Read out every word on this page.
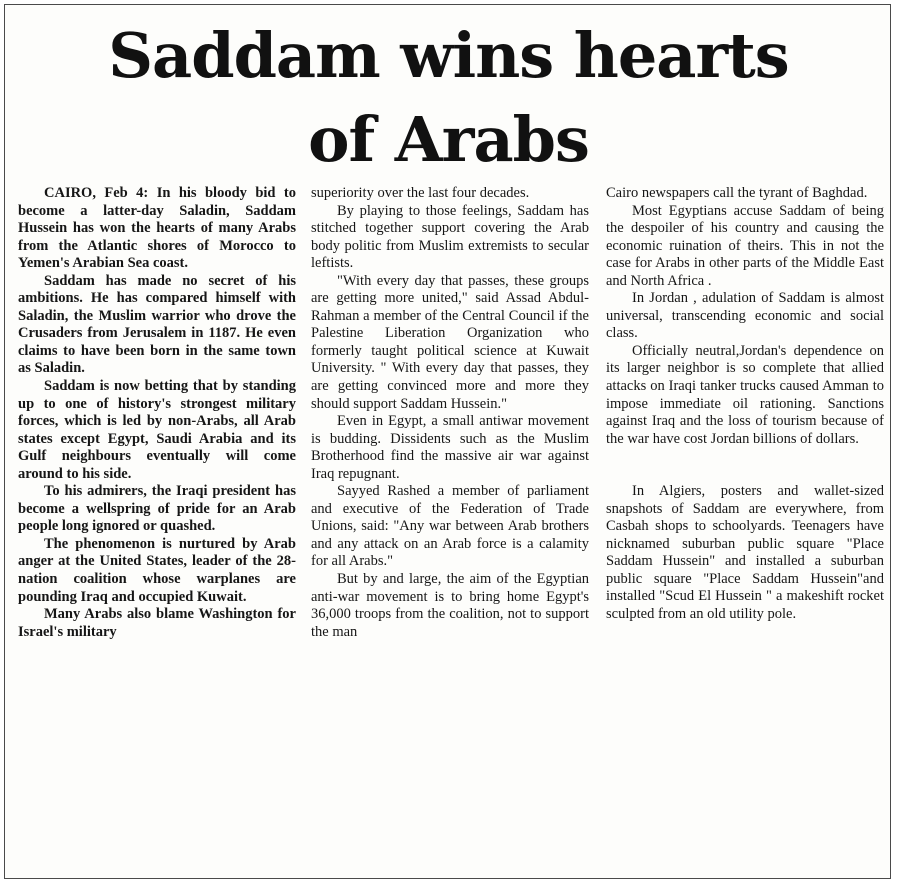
Saddam wins hearts
of Arabs

CAIRO, Feb 4: In his bloody bid to become a latter-day Saladin, Saddam Hussein has won the hearts of many Arabs from the Atlantic shores of Morocco to Yemen's Arabian Sea coast.

Saddam has made no secret of his ambitions. He has compared himself with Saladin, the Muslim warrior who drove the Crusaders from Jerusalem in 1187. He even claims to have been born in the same town as Saladin.

Saddam is now betting that by standing up to one of history's strongest military forces, which is led by non-Arabs, all Arab states except Egypt, Saudi Arabia and its Gulf neighbours eventually will come around to his side.

To his admirers, the Iraqi president has become a wellspring of pride for an Arab people long ignored or quashed.

The phenomenon is nurtured by Arab anger at the United States, leader of the 28-nation coalition whose warplanes are pounding Iraq and occupied Kuwait.

Many Arabs also blame Washington for Israel's military

superiority over the last four decades.

By playing to those feelings, Saddam has stitched together support covering the Arab body politic from Muslim extremists to secular leftists.

"With every day that passes, these groups are getting more united," said Assad Abdul-Rahman a member of the Central Council if the Palestine Liberation Organization who formerly taught political science at Kuwait University. " With every day that passes, they are getting convinced more and more they should support Saddam Hussein."

Even in Egypt, a small antiwar movement is budding. Dissidents such as the Muslim Brotherhood find the massive air war against Iraq repugnant.

Sayyed Rashed a member of parliament and executive of the Federation of Trade Unions, said: "Any war between Arab brothers and any attack on an Arab force is a calamity for all Arabs."

But by and large, the aim of the Egyptian anti-war movement is to bring home Egypt's 36,000 troops from the coalition, not to support the man

Cairo newspapers call the tyrant of Baghdad.

Most Egyptians accuse Saddam of being the despoiler of his country and causing the economic ruination of theirs. This in not the case for Arabs in other parts of the Middle East and North Africa .

In Jordan , adulation of Saddam is almost universal, transcending economic and social class.

Officially neutral,Jordan's dependence on its larger neighbor is so complete that allied attacks on Iraqi tanker trucks caused Amman to impose immediate oil rationing. Sanctions against Iraq and the loss of tourism because of the war have cost Jordan billions of dollars.

In Algiers, posters and wallet-sized snapshots of Saddam are everywhere, from Casbah shops to schoolyards. Teenagers have nicknamed suburban public square "Place Saddam Hussein" and installed a suburban public square "Place Saddam Hussein"and installed "Scud El Hussein " a makeshift rocket sculpted from an old utility pole.
